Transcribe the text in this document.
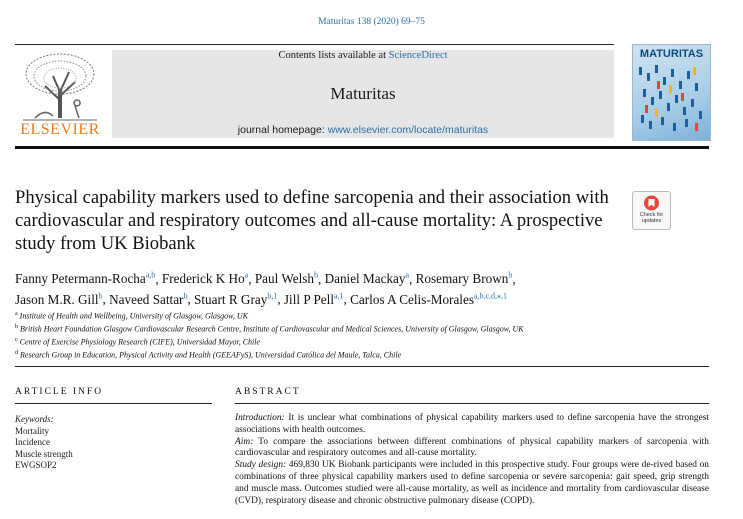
Maturitas 138 (2020) 69–75
ELSEVIER
Contents lists available at ScienceDirect
Maturitas
journal homepage: www.elsevier.com/locate/maturitas
MATURITAS
Physical capability markers used to define sarcopenia and their association with cardiovascular and respiratory outcomes and all-cause mortality: A prospective study from UK Biobank
Check for
updates
Fanny Petermann-Rocha$^{a,b}$, Frederick K Ho$^a$, Paul Welsh$^b$, Daniel Mackay$^a$, Rosemary Brown$^b$,
Jason M.R. Gill$^b$, Naveed Sattar$^b$, Stuart R Gray$^{b,1}$, Jill P Pell$^{a,1}$, Carlos A Celis-Morales$^{a,b,c,d,⁎,1}$
$^a$ Institute of Health and Wellbeing, University of Glasgow, Glasgow, UK
$^b$ British Heart Foundation Glasgow Cardiovascular Research Centre, Institute of Cardiovascular and Medical Sciences, University of Glasgow, Glasgow, UK
$^c$ Centre of Exercise Physiology Research (CIFE), Universidad Mayor, Chile
$^d$ Research Group in Education, Physical Activity and Health (GEEAFyS), Universidad Católica del Maule, Talca, Chile
ARTICLE INFO	ABSTRACT
Keywords:
Mortality
Incidence
Muscle strength
EWGSOP2

Introduction: It is unclear what combinations of physical capability markers used to define sarcopenia have the strongest associations with health outcomes.

Aim: To compare the associations between different combinations of physical capability markers of sarcopenia with cardiovascular and respiratory outcomes and all-cause mortality.

Study design: 469,830 UK Biobank participants were included in this prospective study. Four groups were de-rived based on combinations of three physical capability markers used to define sarcopenia or severe sarcopenia: gait speed, grip strength and muscle mass. Outcomes studied were all-cause mortality, as well as incidence and mortality from cardiovascular disease (CVD), respiratory disease and chronic obstructive pulmonary disease (COPD).
